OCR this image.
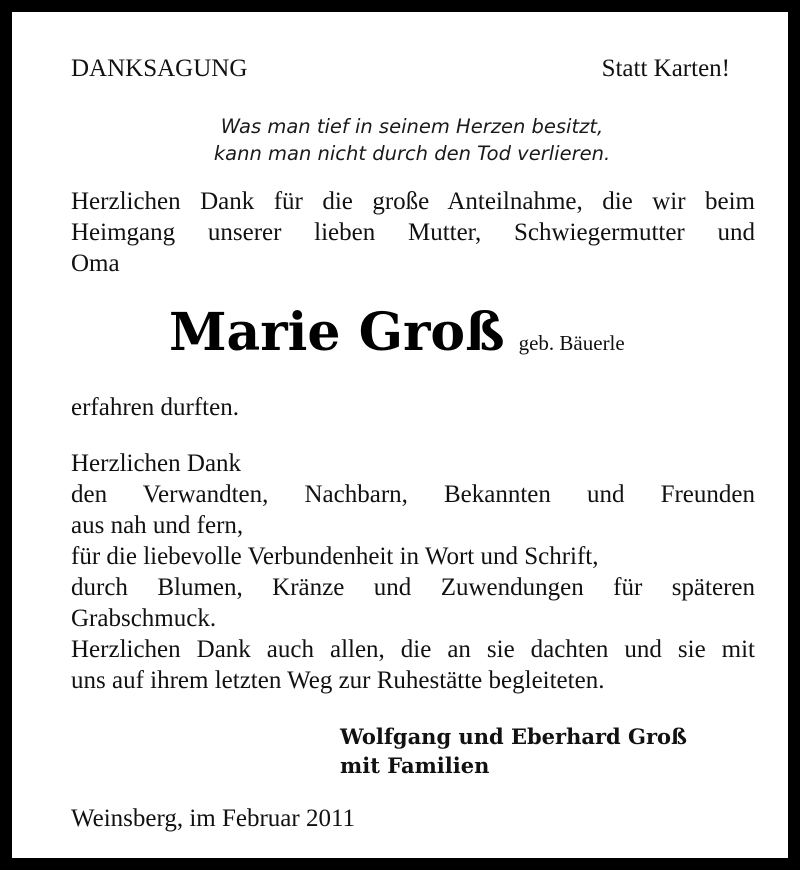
DANKSAGUNG	Statt Karten!
Was man tief in seinem Herzen besitzt,
kann man nicht durch den Tod verlieren.
Herzlichen Dank für die große Anteilnahme, die wir beim
Heimgang unserer lieben Mutter, Schwiegermutter und
Oma
Marie Groß geb. Bäuerle
erfahren durften.
Herzlichen Dank
den Verwandten, Nachbarn, Bekannten und Freunden
aus nah und fern,
für die liebevolle Verbundenheit in Wort und Schrift,
durch Blumen, Kränze und Zuwendungen für späteren
Grabschmuck.
Herzlichen Dank auch allen, die an sie dachten und sie mit
uns auf ihrem letzten Weg zur Ruhestätte begleiteten.
Wolfgang und Eberhard Groß
mit Familien
Weinsberg, im Februar 2011
